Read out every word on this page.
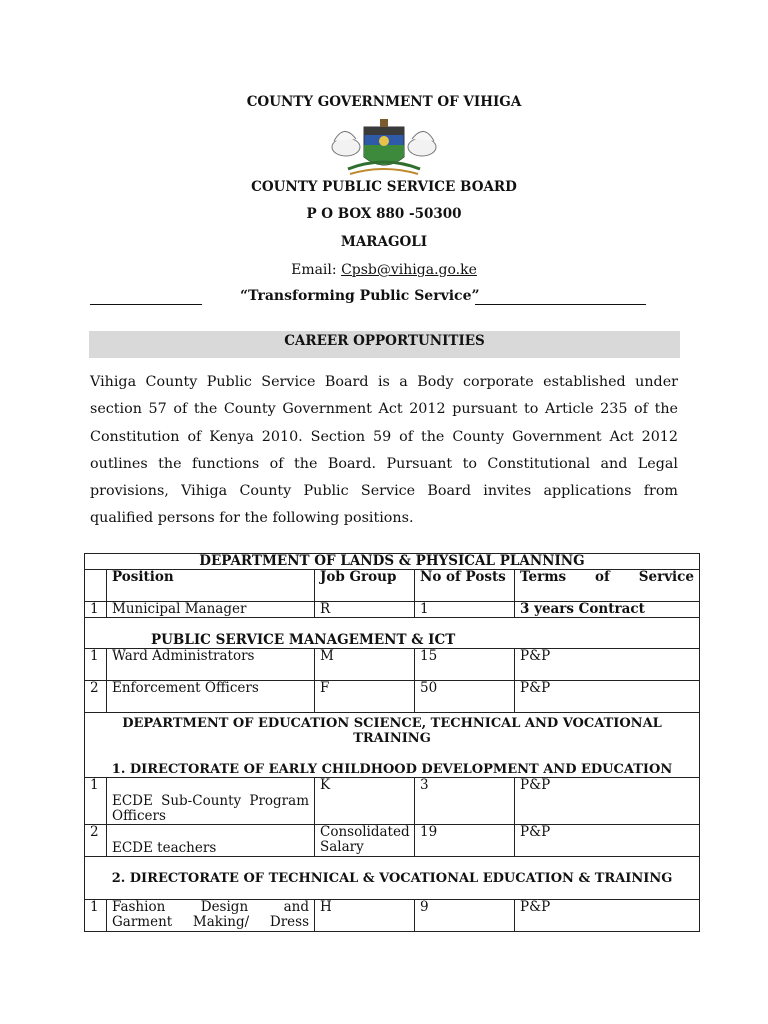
COUNTY GOVERNMENT OF VIHIGA
COUNTY PUBLIC SERVICE BOARD
P O BOX 880 -50300
MARAGOLI
Email: Cpsb@vihiga.go.ke
“Transforming Public Service”
CAREER OPPORTUNITIES
Vihiga County Public Service Board is a Body corporate established under section 57 of the County Government Act 2012 pursuant to Article 235 of the Constitution of Kenya 2010. Section 59 of the County Government Act 2012 outlines the functions of the Board. Pursuant to Constitutional and Legal provisions, Vihiga County Public Service Board invites applications from qualified persons for the following positions.
DEPARTMENT OF LANDS & PHYSICAL PLANNING				
	Position	Job Group	No of Posts	Terms of Service
1	Municipal Manager	R	1	3 years Contract
PUBLIC SERVICE MANAGEMENT & ICT				
1	Ward Administrators	M	15	P&P
2	Enforcement Officers	F	50	P&P

DEPARTMENT OF EDUCATION SCIENCE, TECHNICAL AND VOCATIONAL TRAINING
1. DIRECTORATE OF EARLY CHILDHOOD DEVELOPMENT AND EDUCATION				

1	ECDE Sub-County Program Officers	K	3	P&P
2	ECDE teachers	Consolidated Salary	19	P&P
2. DIRECTORATE OF TECHNICAL & VOCATIONAL EDUCATION & TRAINING				
1	Fashion Design and Garment Making/ Dress	H	9	P&P
